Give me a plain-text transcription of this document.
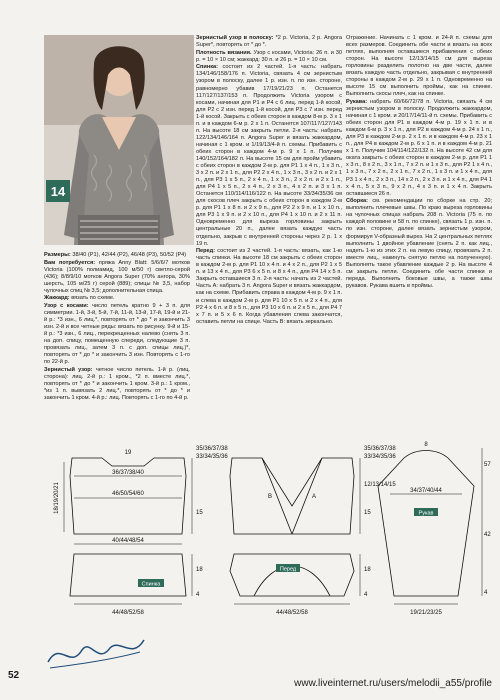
14

Размеры: 38/40 (P1), 42/44 (P2), 46/48 (P3), 50/52 (P4)

Вам потребуется: пряжа Anny Blatt: 5/6/6/7 мотков Victoria (100% полиамид, 100 м/50 г) светло-серой (436); 8/8/9/10 мотков Angora Super (70% ангора, 30% шерсть, 105 м/25 г) серой (889); спицы № 3,5, набор чулочных спиц № 3,5; дополнительная спица.

Жаккард: вязать по схеме.

Узор с косами: число петель кратно 9 + 3 п. для симметрии. 1-й, 3-й, 5-й, 7-й, 11-й, 13-й, 17-й, 19-й и 21-й р.: *3 изн., 6 лиц.*, повторять от * до * и закончить 3 изн. 2-й и все четные ряды: вязать по рисунку. 9-й и 15-й р.: *3 изн., 6 лиц., перекрещенных налево (снять 3 п. на доп. спицу, помещенную спереди, следующие 3 п. провязать лиц., затем 3 п. с доп. спицы лиц.)*, повторять от * до * и закончить 3 изн. Повторять с 1-го по 22-й р.

Зернистый узор: четное число петель. 1-й р. (лиц. сторона): лиц. 2-й р.: 1 кром., *2 п. вместе лиц.*, повторять от * до * и закончить 1 кром. 3-й р.: 1 кром., *из 1 п. вывязать 2 лиц.*, повторять от * до * и закончить 1 кром. 4-й р.: лиц. Повторять с 1-го по 4-й р.

Зернистый узор в полоску: *2 р. Victoria, 2 р. Angora Super*, повторять от * до *.

Плотность вязания. Узор с косами, Victoria: 26 п. и 30 р. = 10 × 10 см; жаккард: 30 п. и 26 р. = 10 × 10 см.

Спинка: состоит из 2 частей. 1-я часть: набрать 134/146/158/176 п. Victoria, связать 4 см зернистым узором в полоску, далее 1 р. изн. п. по изн. стороне, равномерно убавив 17/19/21/23 п. Останется 117/127/137/153 п. Продолжить Victoria узором с косами, начиная для P1 и P4 с 6 лиц. перед 1-й косой, для P2 с 2 изн. перед 1-й косой, для P3 с 7 изн. перед 1-й косой. Закрыть с обеих сторон в каждом 8-м р. 3 х 1 п. и в каждом 6-м р. 2 х 1 п. Останется 107/117/127/143 п. На высоте 18 см закрыть петли. 2-я часть: набрать 122/134/146/164 п. Angora Super и вязать жаккардом, начиная с 1 кром. и 1/19/13/4-й п. схемы. Прибавить с обеих сторон в каждом 4-м р. 9 х 1 п. Получим 140/152/164/182 п. На высоте 15 см для пройм убавить с обеих сторон в каждом 2-м р. для P1 1 х 4 п., 1 х 3 п., 3 х 2 п. и 2 х 1 п., для P2 2 х 4 п., 1 х 3 п., 3 х 2 п. и 2 х 1 п., для P3 1 х 5 п., 2 х 4 п., 1 х 3 п., 2 х 2 п. и 2 х 1 п., для P4 1 х 5 п., 2 х 4 п., 2 х 3 п., 4 х 2 п. и 3 х 1 п. Останется 110/114/116/122 п. На высоте 33/34/35/36 см для скосов плеч закрыть с обеих сторон в каждом 2-м р. для P1 1 х 8 п. и 2 х 9 п., для P2 2 х 9 п. и 1 х 10 п., для P3 1 х 9 п. и 2 х 10 п., для P4 1 х 10 п. и 2 х 11 п. Одновременно для выреза горловины закрыть центральные 20 п., далее вязать каждую часть отдельно, закрыв с внутренней стороны через 2 р. 1 х 19 п.

Перед: состоит из 2 частей. 1-я часть: вязать, как 1-ю часть спинки. На высоте 18 см закрыть с обеих сторон в каждом 2-м р. для P1 10 х 4 п. и 4 х 2 п., для P2 1 х 5 п. и 13 х 4 п., для P3 6 х 5 п. и 8 х 4 п., для P4 14 х 5 п. Закрыть оставшиеся 3 п. 2-я часть: начать из 2 частей. Часть А: набрать 3 п. Angora Super и вязать жаккардом, как на схеме. Прибавить справа в каждом 4-м р. 9 х 1 п. и слева в каждом 2-м р. для P1 10 х 5 п. и 2 х 4 п., для P2 4 х 6 п. и 8 х 5 п., для P3 10 х 6 п. и 2 х 5 п., для P4 7 х 7 п. и 5 х 6 п. Когда убавления слева закончатся, оставить петли на спице. Часть В: вязать зеркально.

Отражение. Начинать с 1 кром. и 24-й п. схемы для всех размеров. Соединить обе части и вязать на всех петлях, выполняя оставшиеся прибавления с обеих сторон. На высоте 12/13/14/15 см для выреза горловины разделить полотно на две части, далее вязать каждую часть отдельно, закрывая с внутренней стороны в каждом 2-м р. 29 х 1 п. Одновременно на высоте 15 см выполнить проймы, как на спинке. Выполнить скосы плеч, как на спинке.

Рукава: набрать 60/66/72/78 п. Victoria, связать 4 см зернистым узором в полоску. Продолжить жаккардом, начиная с 1 кром. и 20/17/14/11-й п. схемы. Прибавить с обеих сторон для P1 в каждом 4-м р. 19 х 1 п. и в каждом 6-м р. 3 х 1 п., для P2 в каждом 4-м р. 24 х 1 п., для P3 в каждом 2-м р. 2 х 1 п. и в каждом 4-м р. 23 х 1 п., для P4 в каждом 2-м р. 6 х 1 п. и в каждом 4-м р. 21 х 1 п. Получим 104/114/122/132 п. На высоте 42 см для оката закрыть с обеих сторон в каждом 2-м р. для P1 1 х 3 п., 8 х 2 п., 3 х 1 п., 7 х 2 п. и 1 х 3 п., для P2 1 х 4 п., 1 х 3 п., 7 х 2 п., 2 х 1 п., 7 х 2 п., 1 х 3 п. и 1 х 4 п., для P3 1 х 4 п., 2 х 3 п., 14 х 2 п., 2 х 3 п. и 1 х 4 п., для P4 1 х 4 п., 5 х 3 п., 9 х 2 п., 4 х 3 п. и 1 х 4 п. Закрыть оставшиеся 26 п.

Сборка: см. рекомендации по сборке на стр. 20; выполнить плечевые швы. По краю выреза горловины на чулочных спицах набрать 208 п. Victoria (75 п. по каждой половине и 58 п. по спинке), связать 1 р. изн. п. по изн. стороне, далее вязать зернистым узором, формируя V-образный вырез. На 2 центральных петлях выполнить 1 двойное убавление (снять 2 п. как лиц., надеть 1-ю из этих 2 п. на левую спицу, провязать 2 п. вместе лиц., накинуть снятую петлю на полученную). Выполнять такое убавление каждые 2 р. На высоте 4 см закрыть петли. Соединить обе части спинки и переда. Выполнить боковые швы, а также швы рукавов. Рукава вшить в проймы.

19
36/37/38/40
46/50/54/60
40/44/48/54
44/48/52/58
18/19/20/21
35/36/37/38
33/34/35/36
15
18
4
Спинка
B	A
35/36/37/38
33/34/35/36
12/13/14/15
15
18
4
44/48/52/58
Перед
8
34/37/40/44
19/21/23/25
57
42
4
Рукав
52
www.liveinternet.ru/users/melodii_a55/profile
